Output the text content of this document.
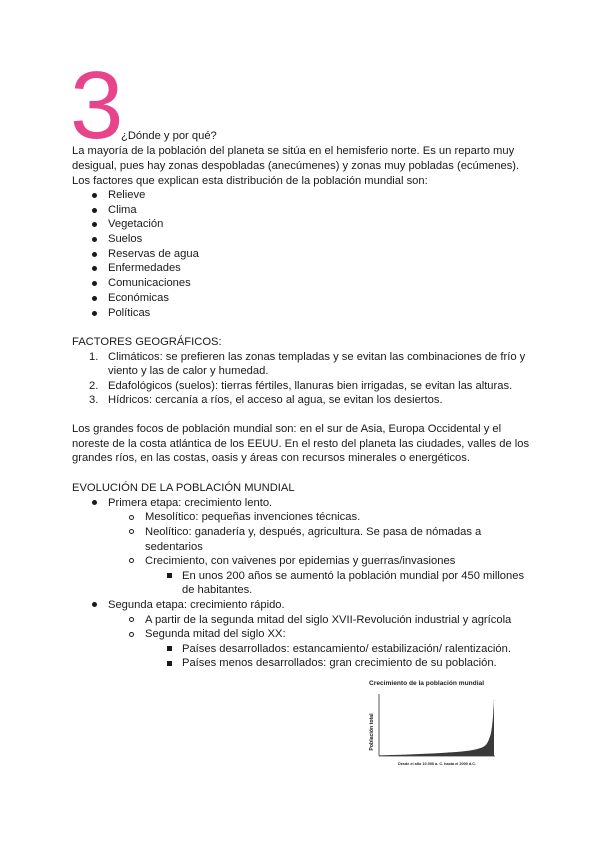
3
¿Dónde y por qué?
La mayoría de la población del planeta se sitúa en el hemisferio norte. Es un reparto muy desigual, pues hay zonas despobladas (anecúmenes) y zonas muy pobladas (ecúmenes).
Los factores que explican esta distribución de la población mundial son:
Relieve
Clima
Vegetación
Suelos
Reservas de agua
Enfermedades
Comunicaciones
Económicas
Políticas
FACTORES GEOGRÁFICOS:
1. Climáticos: se prefieren las zonas templadas y se evitan las combinaciones de frío y
viento y las de calor y humedad.
2. Edafológicos (suelos): tierras fértiles, llanuras bien irrigadas, se evitan las alturas.
3. Hídricos: cercanía a ríos, el acceso al agua, se evitan los desiertos.
Los grandes focos de población mundial son: en el sur de Asia, Europa Occidental y el
noreste de la costa atlántica de los EEUU. En el resto del planeta las ciudades, valles de los
grandes ríos, en las costas, oasis y áreas con recursos minerales o energéticos.
EVOLUCIÓN DE LA POBLACIÓN MUNDIAL
Primera etapa: crecimiento lento.
Mesolítico: pequeñas invenciones técnicas.
Neolítico: ganadería y, después, agricultura. Se pasa de nómadas a
sedentarios
Crecimiento, con vaivenes por epidemias y guerras/invasiones
En unos 200 años se aumentó la población mundial por 450 millones
de habitantes.
Segunda etapa: crecimiento rápido.
A partir de la segunda mitad del siglo XVII-Revolución industrial y agrícola
Segunda mitad del siglo XX:
Países desarrollados: estancamiento/ estabilización/ ralentización.
Países menos desarrollados: gran crecimiento de su población.
Crecimiento de la población mundial
Población total
Desde el año 10.000 a. C. hasta el 2000 d.C.
